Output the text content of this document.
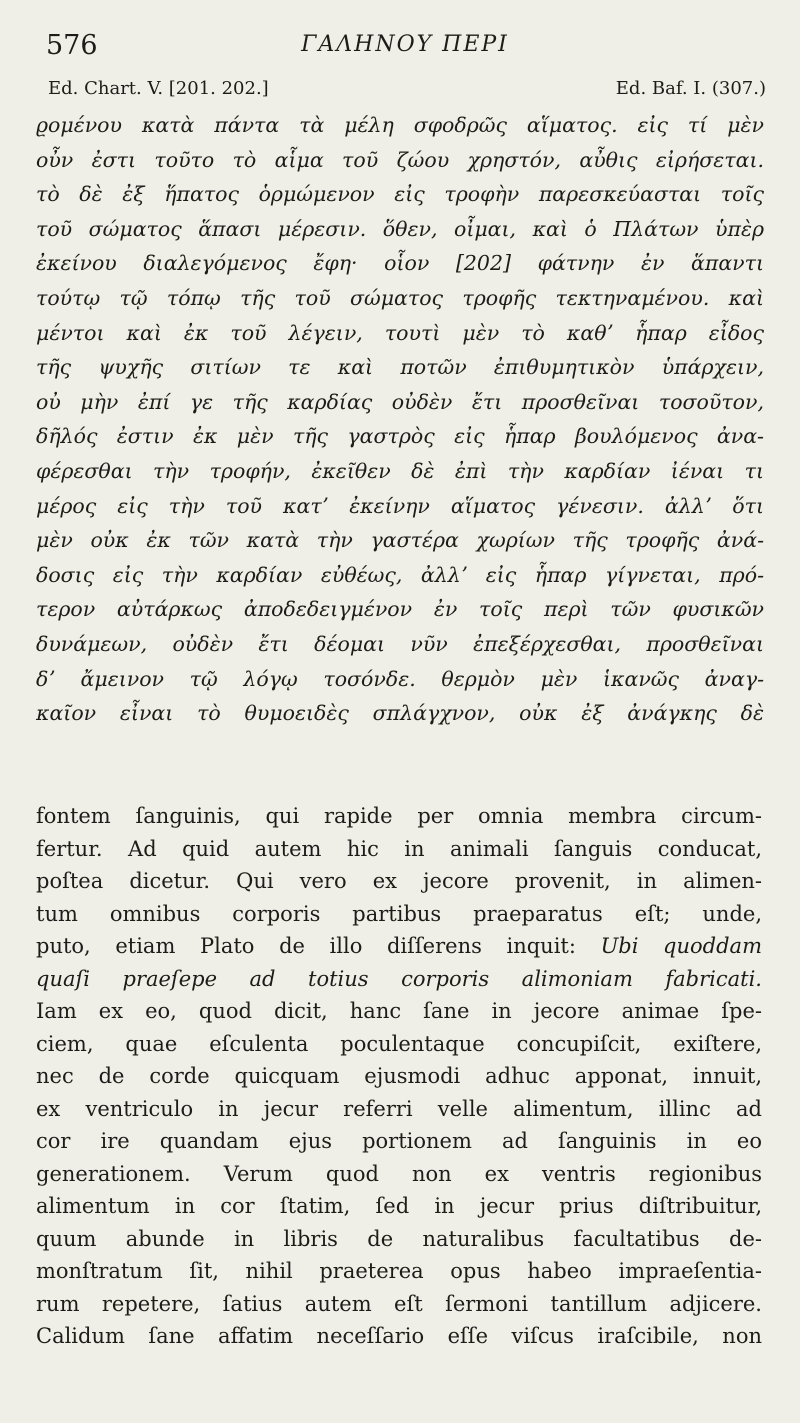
576	ΓΑΛΗΝΟΥ ΠΕΡΙ
Ed. Chart. V. [201. 202.]	Ed. Baf. I. (307.)
ϱομένου κατὰ πάντα τὰ μέλη σφοδρῶς αἵματος. εἰς τί μὲν
οὖν ἐστι τοῦτο τὸ αἷμα τοῦ ζώου χρηστόν, αὖθις εἰρήσεται.
τὸ δὲ ἐξ ἥπατος ὁρμώμενον εἰς τροφὴν παρεσκεύασται τοῖς
τοῦ σώματος ἅπασι μέρεσιν. ὅθεν, οἶμαι, καὶ ὁ Πλάτων ὑπὲρ
ἐκείνου διαλεγόμενος ἔφη· οἷον [202] φάτνην ἐν ἅπαντι
τούτῳ τῷ τόπῳ τῆς τοῦ σώματος τροφῆς τεκτηναμένου. καὶ
μέντοι καὶ ἐκ τοῦ λέγειν, τουτὶ μὲν τὸ καθʼ ἧπαρ εἶδος
τῆς ψυχῆς σιτίων τε καὶ ποτῶν ἐπιθυμητικὸν ὑπάρχειν,
οὐ μὴν ἐπί γε τῆς καρδίας οὐδὲν ἔτι προσθεῖναι τοσοῦτον,
δῆλός ἐστιν ἐκ μὲν τῆς γαστρὸς εἰς ἧπαρ βουλόμενος ἀνα-
φέρεσθαι τὴν τροφήν, ἐκεῖθεν δὲ ἐπὶ τὴν καρδίαν ἰέναι τι
μέρος εἰς τὴν τοῦ κατʼ ἐκείνην αἵματος γένεσιν. ἀλλʼ ὅτι
μὲν οὐκ ἐκ τῶν κατὰ τὴν γαστέρα χωρίων τῆς τροφῆς ἀνά-
δοσις εἰς τὴν καρδίαν εὐθέως, ἀλλʼ εἰς ἧπαρ γίγνεται, πρό-
τερον αὐτάρκως ἀποδεδειγμένον ἐν τοῖς περὶ τῶν φυσικῶν
δυνάμεων, οὐδὲν ἔτι δέομαι νῦν ἐπεξέρχεσθαι, προσθεῖναι
δʼ ἄμεινον τῷ λόγῳ τοσόνδε. θερμὸν μὲν ἱκανῶς ἀναγ-
καῖον εἶναι τὸ θυμοειδὲς σπλάγχνον, οὐκ ἐξ ἀνάγκης δὲ
fontem ſanguinis, qui rapide per omnia membra circum-
fertur. Ad quid autem hic in animali ſanguis conducat,
poſtea dicetur. Qui vero ex jecore provenit, in alimen-
tum omnibus corporis partibus praeparatus eſt; unde,
puto, etiam Plato de illo diſſerens inquit: Ubi quoddam
quaſi praeſepe ad totius corporis alimoniam fabricati.
Iam ex eo, quod dicit, hanc ſane in jecore animae ſpe-
ciem, quae eſculenta poculentaque concupiſcit, exiſtere,
nec de corde quicquam ejusmodi adhuc apponat, innuit,
ex ventriculo in jecur referri velle alimentum, illinc ad
cor ire quandam ejus portionem ad ſanguinis in eo
generationem. Verum quod non ex ventris regionibus
alimentum in cor ſtatim, ſed in jecur prius diſtribuitur,
quum abunde in libris de naturalibus facultatibus de-
monſtratum ſit, nihil praeterea opus habeo impraeſentia-
rum repetere, ſatius autem eſt ſermoni tantillum adjicere.
Calidum ſane affatim neceſſario eſſe viſcus iraſcibile, non
